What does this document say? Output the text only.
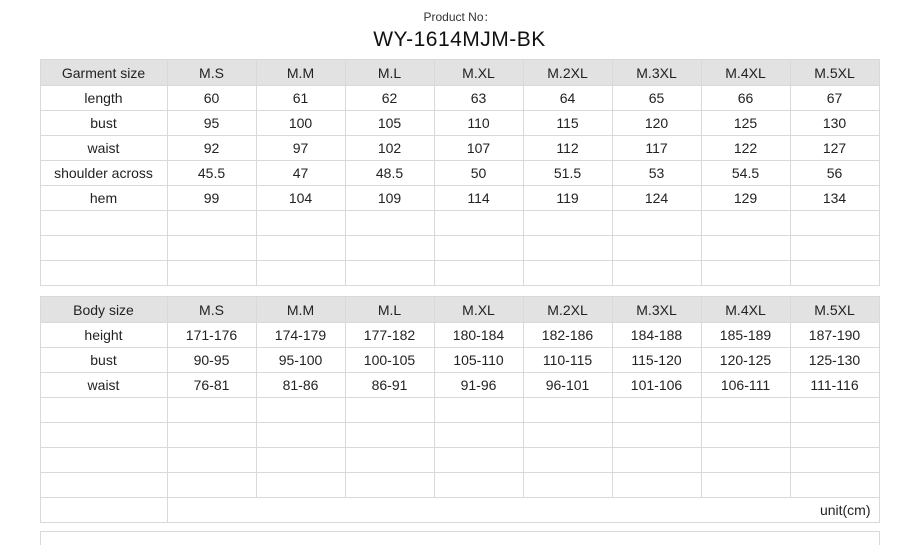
Product No：
WY-1614MJM-BK
Garment size	M.S	M.M	M.L	M.XL	M.2XL	M.3XL	M.4XL	M.5XL
length	60	61	62	63	64	65	66	67
bust	95	100	105	110	115	120	125	130
waist	92	97	102	107	112	117	122	127
shoulder across	45.5	47	48.5	50	51.5	53	54.5	56
hem	99	104	109	114	119	124	129	134

Body size	M.S	M.M	M.L	M.XL	M.2XL	M.3XL	M.4XL	M.5XL
height	171-176	174-179	177-182	180-184	182-186	184-188	185-189	187-190
bust	90-95	95-100	100-105	105-110	110-115	115-120	120-125	125-130
waist	76-81	81-86	86-91	91-96	96-101	101-106	106-111	111-116

	unit(cm)							
